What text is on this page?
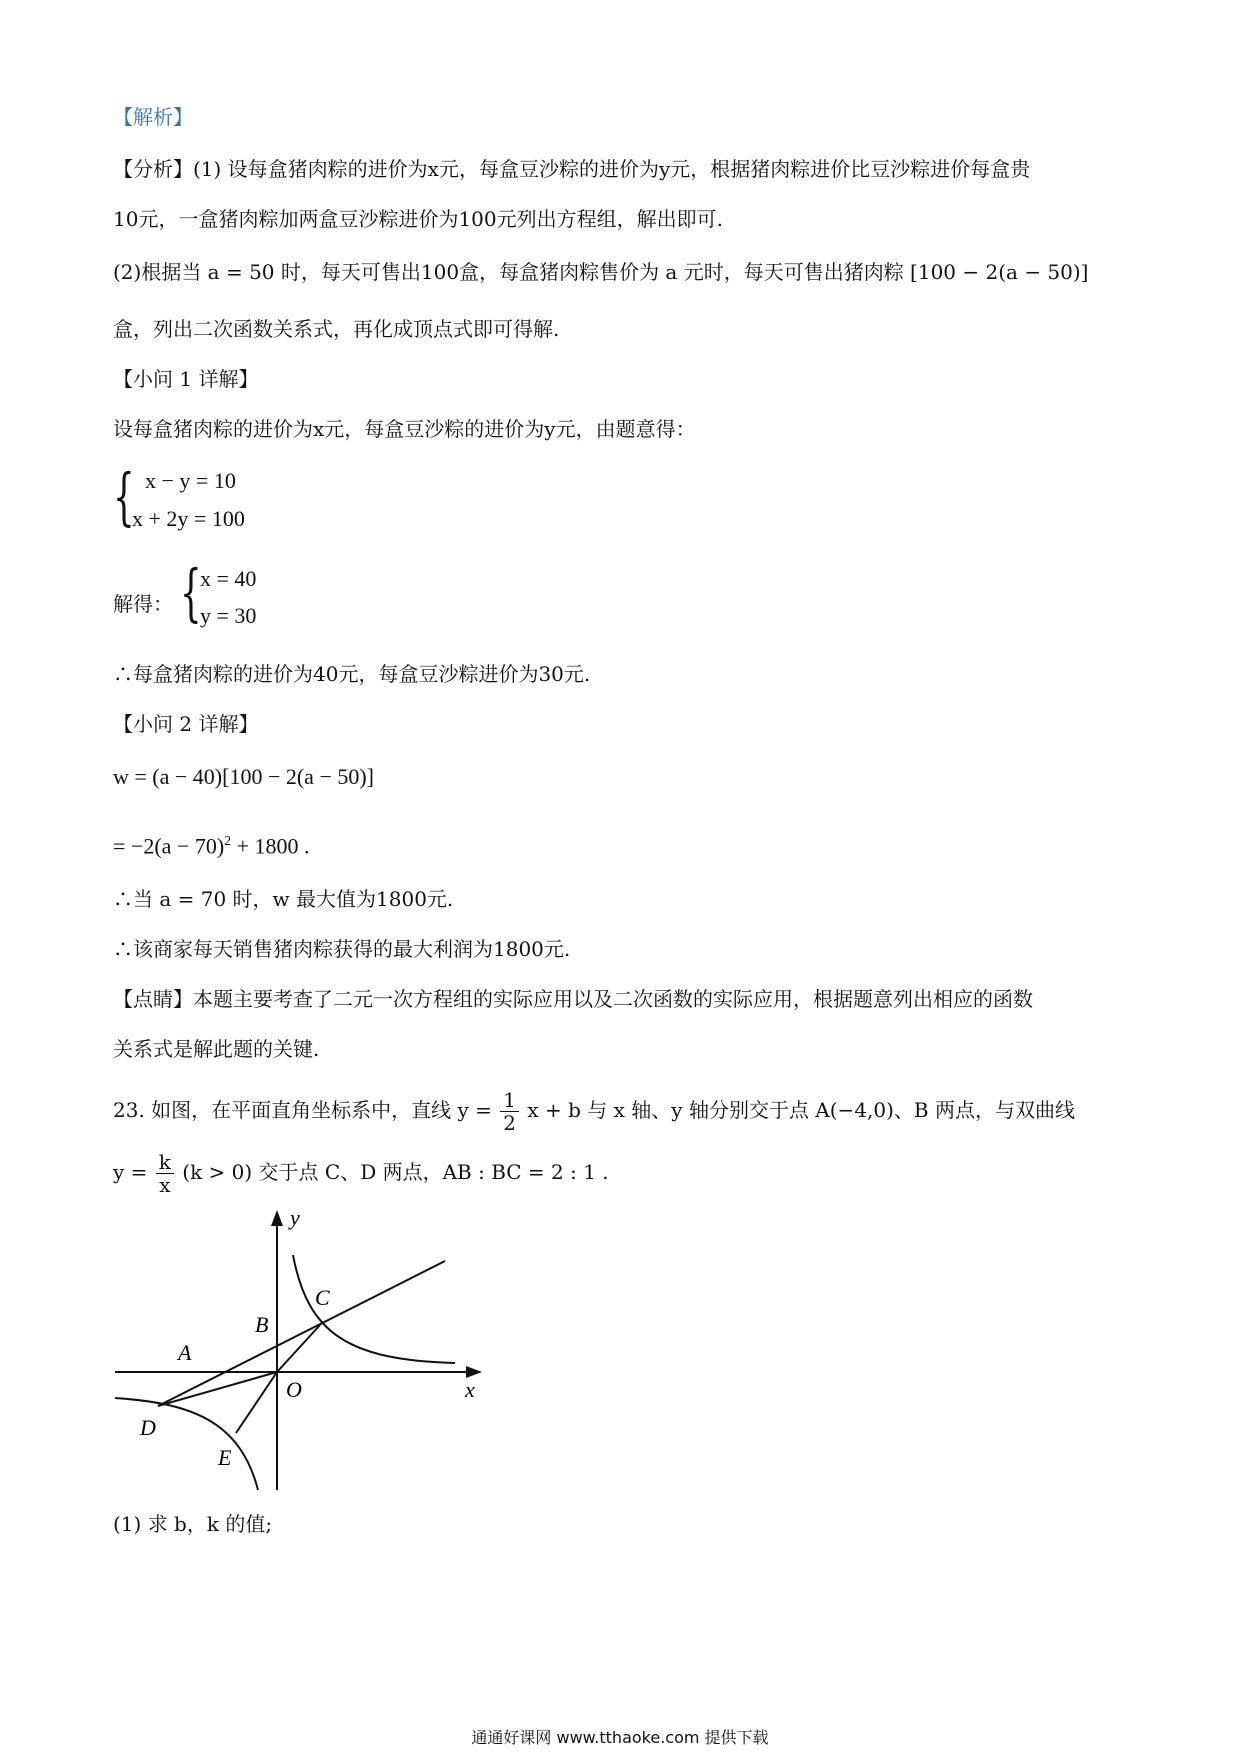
【解析】
【分析】(1) 设每盒猪肉粽的进价为x元，每盒豆沙粽的进价为y元，根据猪肉粽进价比豆沙粽进价每盒贵
10元，一盒猪肉粽加两盒豆沙粽进价为100元列出方程组，解出即可.
(2)根据当 a = 50 时，每天可售出100盒，每盒猪肉粽售价为 a 元时，每天可售出猪肉粽 [100 − 2(a − 50)]
盒，列出二次函数关系式，再化成顶点式即可得解.
【小问 1 详解】
设每盒猪肉粽的进价为x元，每盒豆沙粽的进价为y元，由题意得：
{ x − y = 10
x + 2y = 100
解得： {
x = 40
y = 30
∴每盒猪肉粽的进价为40元，每盒豆沙粽进价为30元.
【小问 2 详解】
w = (a − 40)[100 − 2(a − 50)]
= $-2(a - 70)^2 + 1800$ .
∴当 a = 70 时，w 最大值为1800元.
∴该商家每天销售猪肉粽获得的最大利润为1800元.
【点睛】本题主要考查了二元一次方程组的实际应用以及二次函数的实际应用，根据题意列出相应的函数
关系式是解此题的关键.
23. 如图，在平面直角坐标系中，直线 $y = \frac{1}{2}$ x + b 与 x 轴、y 轴分别交于点 A(−4,0)、B 两点，与双曲线
$y = \frac{k}{x} (k > 0)$ 交于点 C、D 两点，AB : BC = 2 : 1 .
y
x
A
B
C
D
E
O
(1) 求 b，k 的值;
通通好课网 www.tthaoke.com 提供下载
